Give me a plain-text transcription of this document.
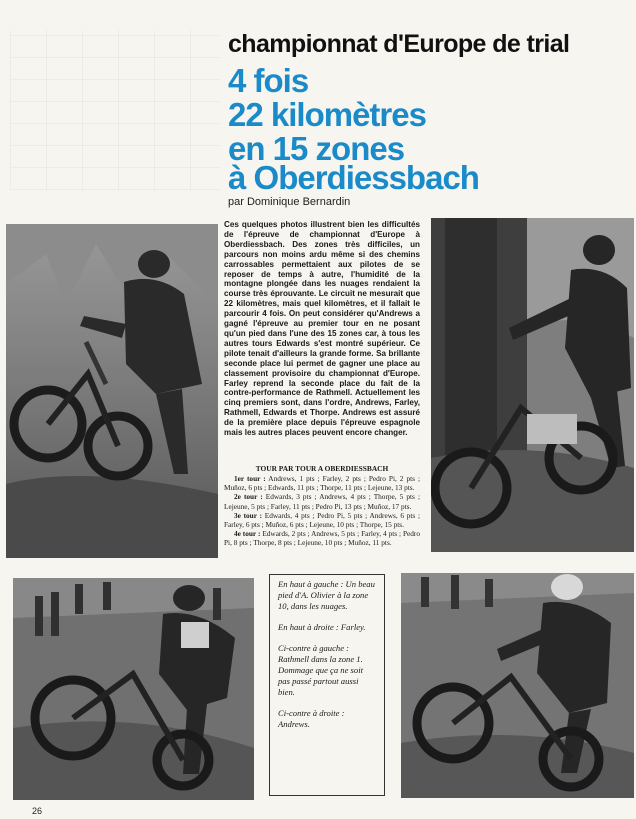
championnat d'Europe de trial
4 fois
22 kilomètres
en 15 zones
à Oberdiessbach
par Dominique Bernardin
Ces quelques photos illustrent bien les difficultés de l'épreuve de championnat d'Europe à Oberdiessbach. Des zones très difficiles, un parcours non moins ardu même si des chemins carrossables permettaient aux pilotes de se reposer de temps à autre, l'humidité de la montagne plongée dans les nuages rendaient la course très éprouvante. Le circuit ne mesurait que 22 kilomètres, mais quel kilomètres, et il fallait le parcourir 4 fois. On peut considérer qu'Andrews a gagné l'épreuve au premier tour en ne posant qu'un pied dans l'une des 15 zones car, à tous les autres tours Edwards s'est montré supérieur. Ce pilote tenait d'ailleurs la grande forme. Sa brillante seconde place lui permet de gagner une place au classement provisoire du championnat d'Europe. Farley reprend la seconde place du fait de la contre-performance de Rathmell. Actuellement les cinq premiers sont, dans l'ordre, Andrews, Farley, Rathmell, Edwards et Thorpe. Andrews est assuré de la première place depuis l'épreuve espagnole mais les autres places peuvent encore changer.
TOUR PAR TOUR A OBERDIESSBACH

1er tour : Andrews, 1 pts ; Farley, 2 pts ; Pedro Pi, 2 pts ; Muñoz, 6 pts ; Edwards, 11 pts ; Thorpe, 11 pts ; Lejeune, 13 pts.

2e tour : Edwards, 3 pts ; Andrews, 4 pts ; Thorpe, 5 pts ; Lejeune, 5 pts ; Farley, 11 pts ; Pedro Pi, 13 pts ; Muñoz, 17 pts.

3e tour : Edwards, 4 pts ; Pedro Pi, 5 pts ; Andrews, 6 pts ; Farley, 6 pts ; Muñoz, 6 pts ; Lejeune, 10 pts ; Thorpe, 15 pts.

4e tour : Edwards, 2 pts ; Andrews, 5 pts ; Farley, 4 pts ; Pedro Pi, 8 pts ; Thorpe, 8 pts ; Lejeune, 10 pts ; Muñoz, 11 pts.

En haut à gauche : Un beau pied d'A. Olivier à la zone 10, dans les nuages.

En haut à droite : Farley.

Ci-contre à gauche : Rathmell dans la zone 1. Dommage que ça ne soit pas passé partout aussi bien.

Ci-contre à droite : Andrews.

26
